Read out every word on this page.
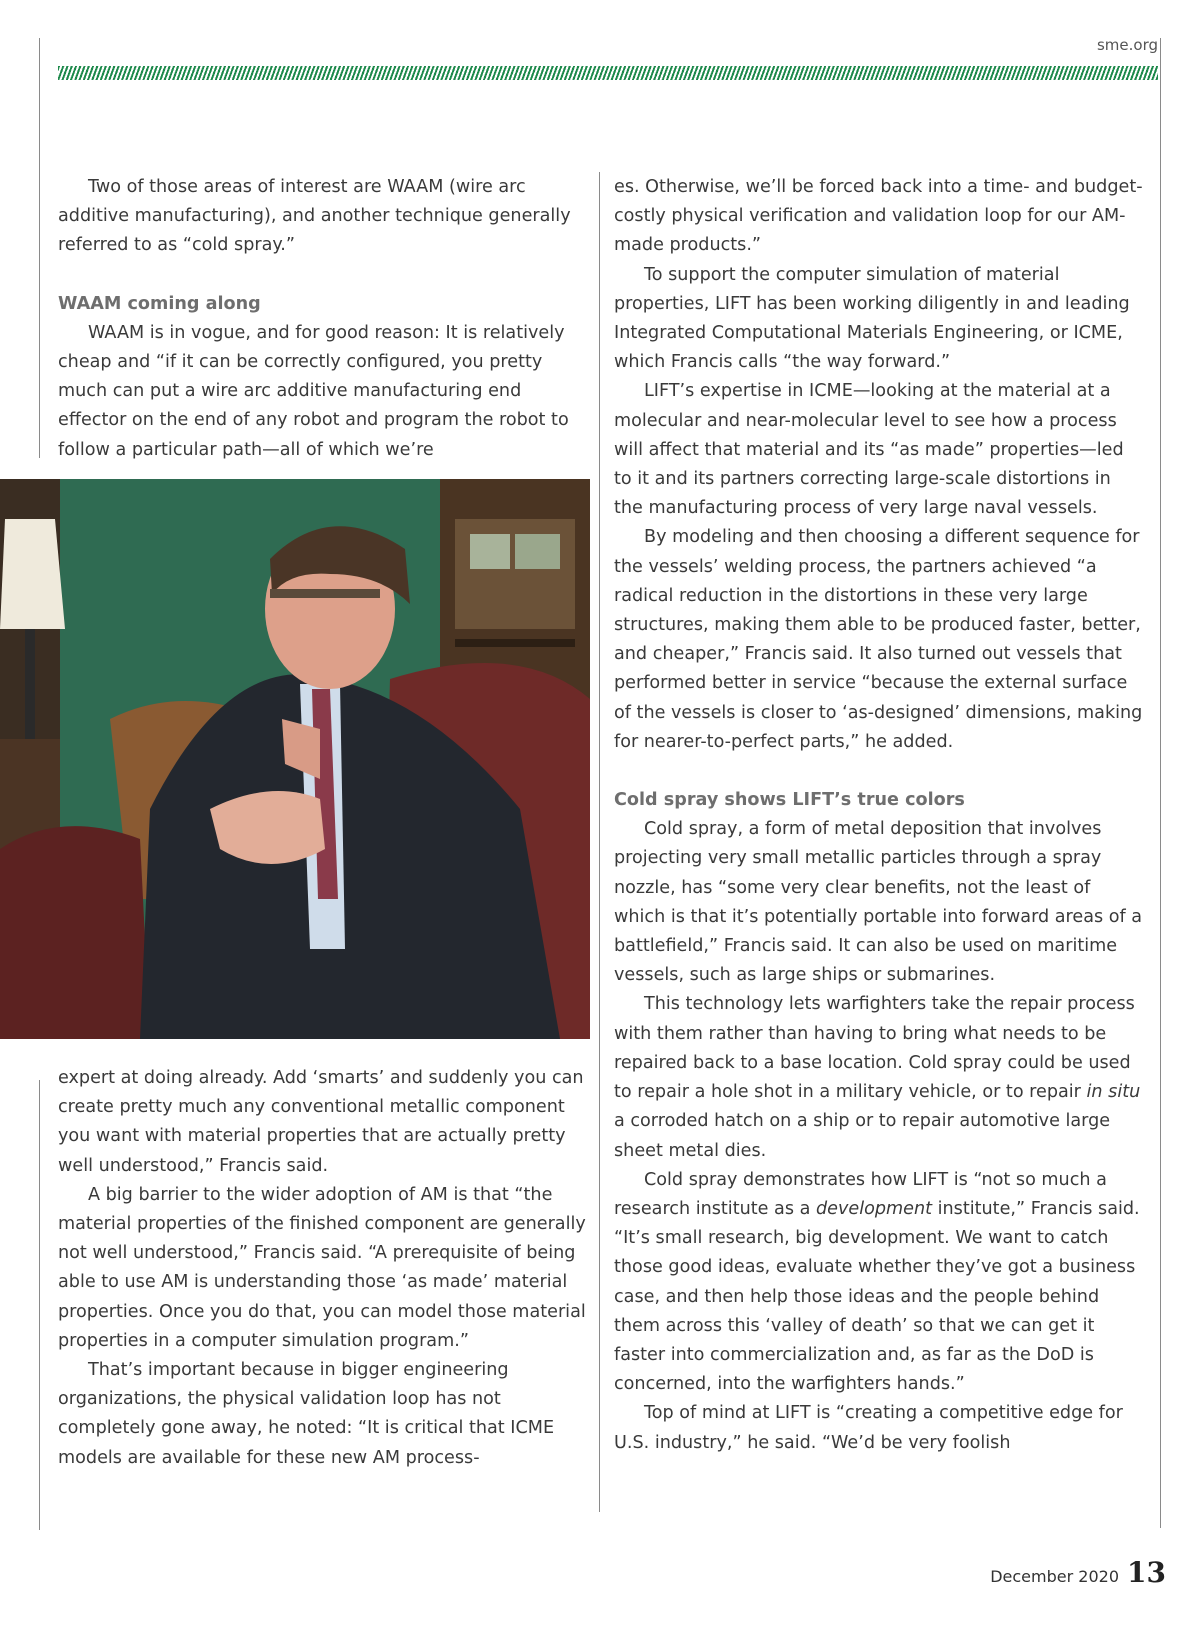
sme.org

Two of those areas of interest are WAAM (wire arc additive manufacturing), and another technique generally referred to as “cold spray.”

WAAM coming along

WAAM is in vogue, and for good reason: It is relatively cheap and “if it can be correctly configured, you pretty much can put a wire arc additive manufacturing end effector on the end of any robot and program the robot to follow a particular path—all of which we’re

expert at doing already. Add ‘smarts’ and suddenly you can create pretty much any conventional metallic component you want with material properties that are actually pretty well understood,” Francis said.

A big barrier to the wider adoption of AM is that “the material properties of the finished component are generally not well understood,” Francis said. “A prerequisite of being able to use AM is understanding those ‘as made’ material properties. Once you do that, you can model those material properties in a computer simulation program.”

That’s important because in bigger engineering organizations, the physical validation loop has not completely gone away, he noted: “It is critical that ICME models are available for these new AM process-

es. Otherwise, we’ll be forced back into a time- and budget-costly physical verification and validation loop for our AM-made products.”

To support the computer simulation of material properties, LIFT has been working diligently in and leading Integrated Computational Materials Engineering, or ICME, which Francis calls “the way forward.”

LIFT’s expertise in ICME—looking at the material at a molecular and near-molecular level to see how a process will affect that material and its “as made” properties—led to it and its partners correcting large-scale distortions in the manufacturing process of very large naval vessels.

By modeling and then choosing a different sequence for the vessels’ welding process, the partners achieved “a radical reduction in the distortions in these very large structures, making them able to be produced faster, better, and cheaper,” Francis said. It also turned out vessels that performed better in service “because the external surface of the vessels is closer to ‘as-designed’ dimensions, making for nearer-to-perfect parts,” he added.

Cold spray shows LIFT’s true colors

Cold spray, a form of metal deposition that involves projecting very small metallic particles through a spray nozzle, has “some very clear benefits, not the least of which is that it’s potentially portable into forward areas of a battlefield,” Francis said. It can also be used on maritime vessels, such as large ships or submarines.

This technology lets warfighters take the repair process with them rather than having to bring what needs to be repaired back to a base location. Cold spray could be used to repair a hole shot in a military vehicle, or to repair in situ a corroded hatch on a ship or to repair automotive large sheet metal dies.

Cold spray demonstrates how LIFT is “not so much a research institute as a development institute,” Francis said. “It’s small research, big development. We want to catch those good ideas, evaluate whether they’ve got a business case, and then help those ideas and the people behind them across this ‘valley of death’ so that we can get it faster into commercialization and, as far as the DoD is concerned, into the warfighters hands.”

Top of mind at LIFT is “creating a competitive edge for U.S. industry,” he said. “We’d be very foolish

December 2020 13
